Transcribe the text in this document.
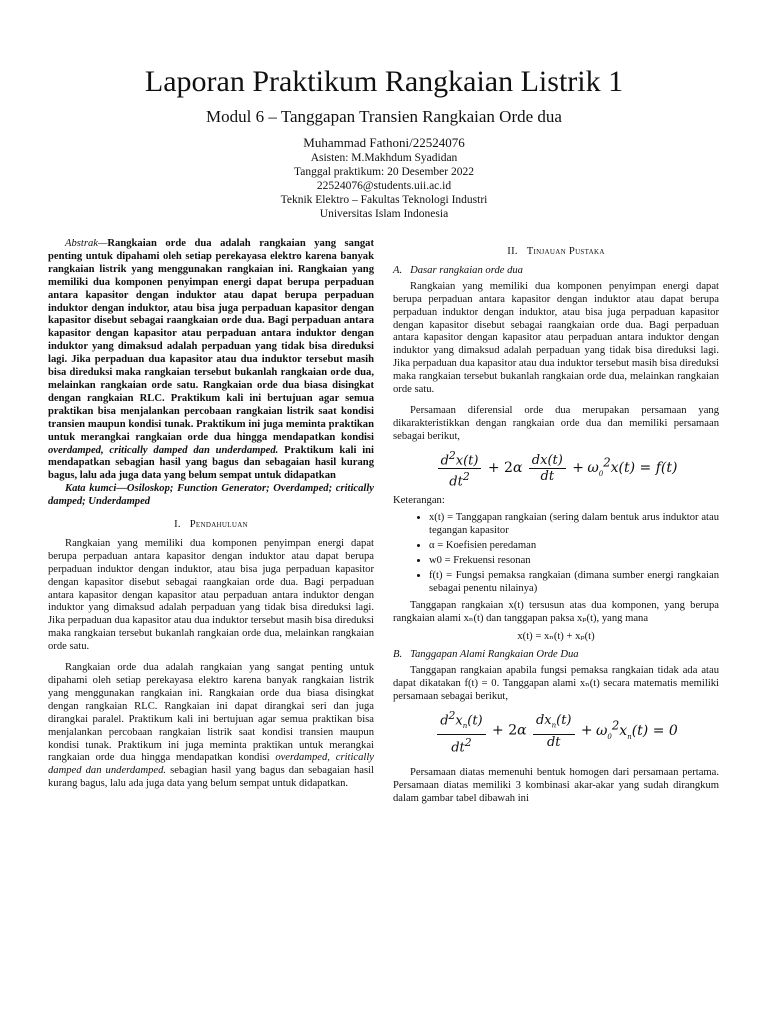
Laporan Praktikum Rangkaian Listrik 1
Modul 6 – Tanggapan Transien Rangkaian Orde dua
Muhammad Fathoni/22524076
Asisten: M.Makhdum Syadidan
Tanggal praktikum: 20 Desember 2022
22524076@students.uii.ac.id
Teknik Elektro – Fakultas Teknologi Industri
Universitas Islam Indonesia

Abstrak—Rangkaian orde dua adalah rangkaian yang sangat penting untuk dipahami oleh setiap perekayasa elektro karena banyak rangkaian listrik yang menggunakan rangkaian ini. Rangkaian yang memiliki dua komponen penyimpan energi dapat berupa perpaduan antara kapasitor dengan induktor atau dapat berupa perpaduan induktor dengan induktor, atau bisa juga perpaduan kapasitor dengan kapasitor disebut sebagai raangkaian orde dua. Bagi perpaduan antara kapasitor dengan kapasitor atau perpaduan antara induktor dengan induktor yang dimaksud adalah perpaduan yang tidak bisa direduksi lagi. Jika perpaduan dua kapasitor atau dua induktor tersebut masih bisa direduksi maka rangkaian tersebut bukanlah rangkaian orde dua, melainkan rangkaian orde satu. Rangkaian orde dua biasa disingkat dengan rangkaian RLC. Praktikum kali ini bertujuan agar semua praktikan bisa menjalankan percobaan rangkaian listrik saat kondisi transien maupun kondisi tunak. Praktikum ini juga meminta praktikan untuk merangkai rangkaian orde dua hingga mendapatkan kondisi overdamped, critically damped dan underdamped. Praktikum kali ini mendapatkan sebagian hasil yang bagus dan sebagaian hasil kurang bagus, lalu ada juga data yang belum sempat untuk didapatkan

Kata kumci—Osiloskop; Function Generator; Overdamped; critically damped; Underdamped

I. Pendahuluan

Rangkaian yang memiliki dua komponen penyimpan energi dapat berupa perpaduan antara kapasitor dengan induktor atau dapat berupa perpaduan induktor dengan induktor, atau bisa juga perpaduan kapasitor dengan kapasitor disebut sebagai raangkaian orde dua. Bagi perpaduan antara kapasitor dengan kapasitor atau perpaduan antara induktor dengan induktor yang dimaksud adalah perpaduan yang tidak bisa direduksi lagi. Jika perpaduan dua kapasitor atau dua induktor tersebut masih bisa direduksi maka rangkaian tersebut bukanlah rangkaian orde dua, melainkan rangkaian orde satu.

Rangkaian orde dua adalah rangkaian yang sangat penting untuk dipahami oleh setiap perekayasa elektro karena banyak rangkaian listrik yang menggunakan rangkaian ini. Rangkaian orde dua biasa disingkat dengan rangkaian RLC. Rangkaian ini dapat dirangkai seri dan juga dirangkai paralel. Praktikum kali ini bertujuan agar semua praktikan bisa menjalankan percobaan rangkaian listrik saat kondisi transien maupun kondisi tunak. Praktikum ini juga meminta praktikan untuk merangkai rangkaian orde dua hingga mendapatkan kondisi overdamped, critically damped dan underdamped. sebagian hasil yang bagus dan sebagaian hasil kurang bagus, lalu ada juga data yang belum sempat untuk didapatkan.

II. Tinjauan Pustaka
A. Dasar rangkaian orde dua

Rangkaian yang memiliki dua komponen penyimpan energi dapat berupa perpaduan antara kapasitor dengan induktor atau dapat berupa perpaduan induktor dengan induktor, atau bisa juga perpaduan kapasitor dengan kapasitor disebut sebagai raangkaian orde dua. Bagi perpaduan antara kapasitor dengan kapasitor atau perpaduan antara induktor dengan induktor yang dimaksud adalah perpaduan yang tidak bisa direduksi lagi. Jika perpaduan dua kapasitor atau dua induktor tersebut masih bisa direduksi maka rangkaian tersebut bukanlah rangkaian orde dua, melainkan rangkaian orde satu.

Persamaan diferensial orde dua merupakan persamaan yang dikarakteristikkan dengan rangkaian orde dua dan memiliki persamaan sebagai berikut,

$\frac{d^2x(t)}{dt^2} + 2\alpha \frac{dx(t)}{dt} + \omega_0^2x(t) = f(t)$

Keterangan:

• x(t) = Tanggapan rangkaian (sering dalam bentuk arus induktor atau tegangan kapasitor
• α = Koefisien peredaman
• w0 = Frekuensi resonan
• f(t) = Fungsi pemaksa rangkaian (dimana sumber energi rangkaian sebagai penentu nilainya)

Tanggapan rangkaian x(t) tersusun atas dua komponen, yang berupa rangkaian alami xₙ(t) dan tanggapan paksa xₚ(t), yang mana

x(t) = xₙ(t) + xₚ(t)
B. Tanggapan Alami Rangkaian Orde Dua

Tanggapan rangkaian apabila fungsi pemaksa rangkaian tidak ada atau dapat dikatakan f(t) = 0. Tanggapan alami xₙ(t) secara matematis memiliki persamaan sebagai berikut,

$\frac{d^2x_n(t)}{dt^2} + 2\alpha \frac{dx_n(t)}{dt} + \omega_0^2x_n(t) = 0$

Persamaan diatas memenuhi bentuk homogen dari persamaan pertama. Persamaan diatas memiliki 3 kombinasi akar-akar yang sudah dirangkum dalam gambar tabel dibawah ini
